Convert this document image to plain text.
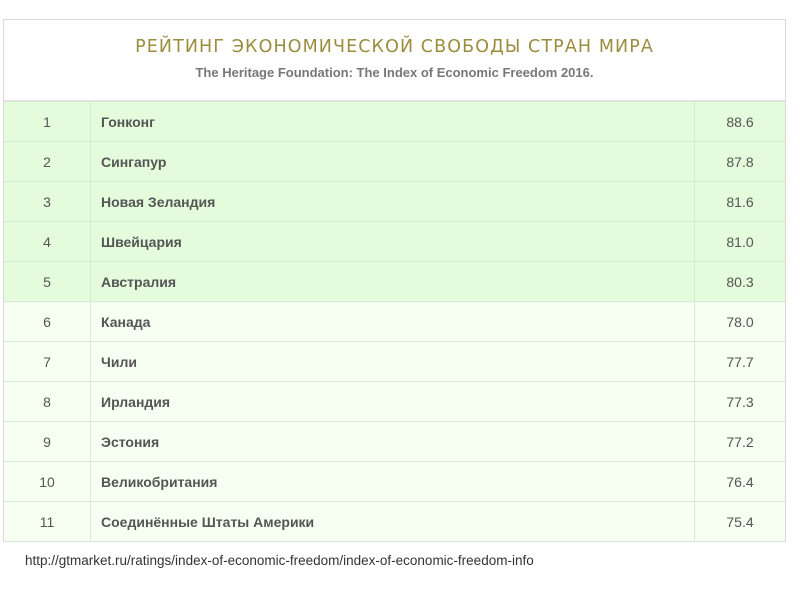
РЕЙТИНГ ЭКОНОМИЧЕСКОЙ СВОБОДЫ СТРАН МИРА
The Heritage Foundation: The Index of Economic Freedom 2016.
1	Гонконг	88.6
2	Сингапур	87.8
3	Новая Зеландия	81.6
4	Швейцария	81.0
5	Австралия	80.3
6	Канада	78.0
7	Чили	77.7
8	Ирландия	77.3
9	Эстония	77.2
10	Великобритания	76.4
11	Соединённые Штаты Америки	75.4

http://gtmarket.ru/ratings/index-of-economic-freedom/index-of-economic-freedom-info
